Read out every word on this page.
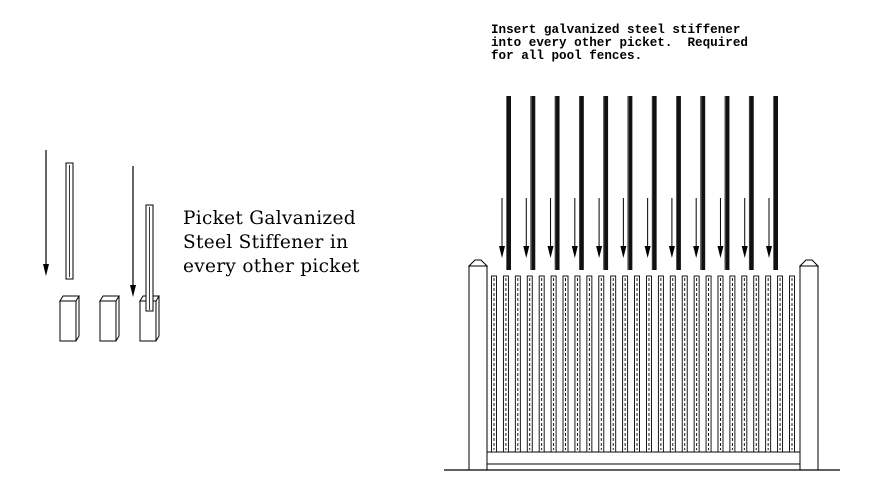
Picket Galvanized
Steel Stiffener in
every other picket

Insert galvanized steel stiffener
into every other picket.  Required
for all pool fences.
